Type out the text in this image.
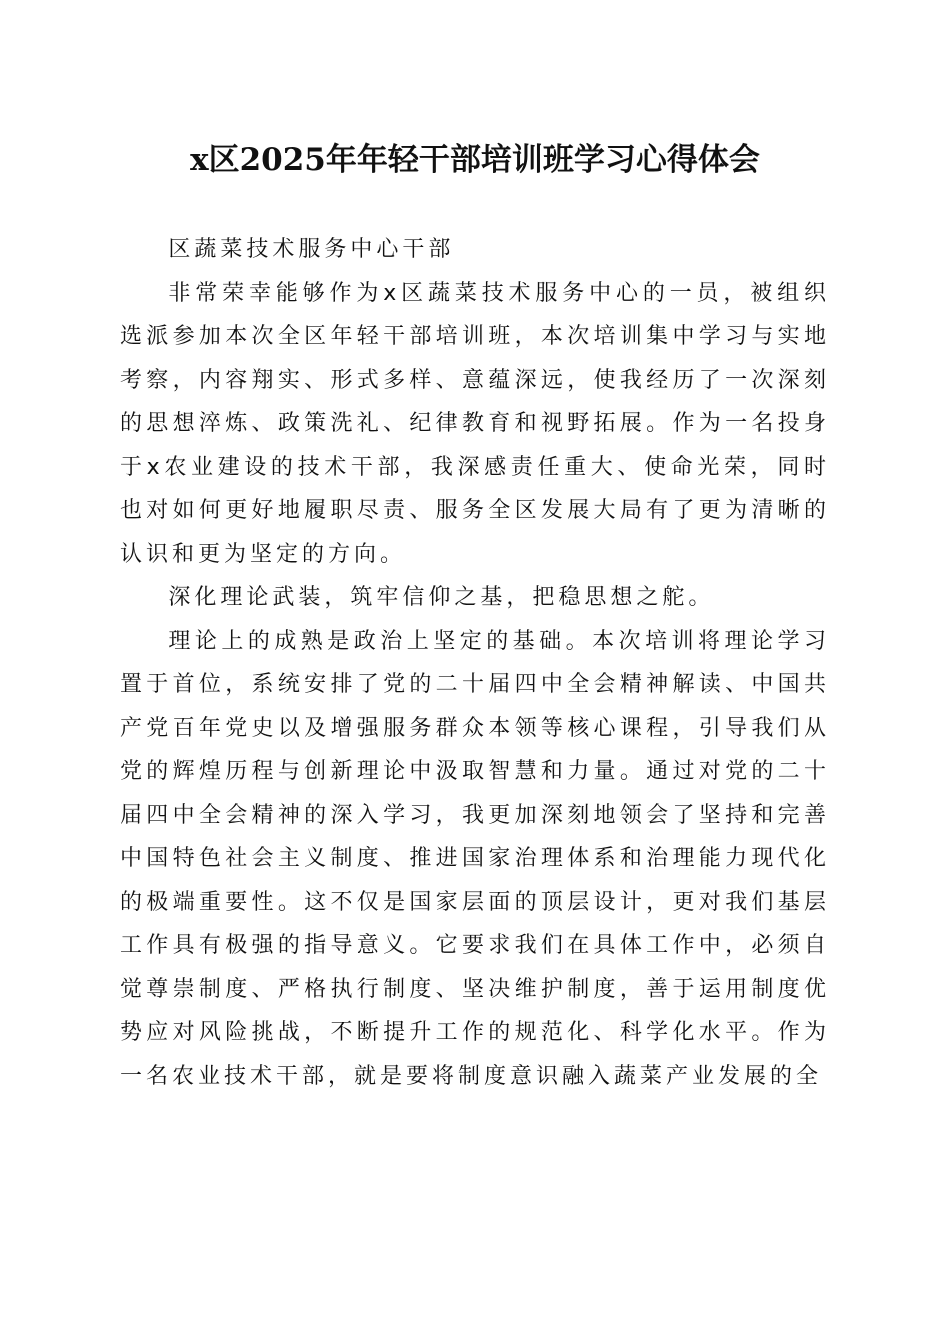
x区2025年年轻干部培训班学习心得体会

区蔬菜技术服务中心干部

非常荣幸能够作为x区蔬菜技术服务中心的一员，被组织选派参加本次全区年轻干部培训班，本次培训集中学习与实地考察，内容翔实、形式多样、意蕴深远，使我经历了一次深刻的思想淬炼、政策洗礼、纪律教育和视野拓展。作为一名投身于x农业建设的技术干部，我深感责任重大、使命光荣，同时也对如何更好地履职尽责、服务全区发展大局有了更为清晰的认识和更为坚定的方向。

深化理论武装，筑牢信仰之基，把稳思想之舵。

理论上的成熟是政治上坚定的基础。本次培训将理论学习置于首位，系统安排了党的二十届四中全会精神解读、中国共产党百年党史以及增强服务群众本领等核心课程，引导我们从党的辉煌历程与创新理论中汲取智慧和力量。通过对党的二十届四中全会精神的深入学习，我更加深刻地领会了坚持和完善中国特色社会主义制度、推进国家治理体系和治理能力现代化的极端重要性。这不仅是国家层面的顶层设计，更对我们基层工作具有极强的指导意义。它要求我们在具体工作中，必须自觉尊崇制度、严格执行制度、坚决维护制度，善于运用制度优势应对风险挑战，不断提升工作的规范化、科学化水平。作为一名农业技术干部，就是要将制度意识融入蔬菜产业发展的全
